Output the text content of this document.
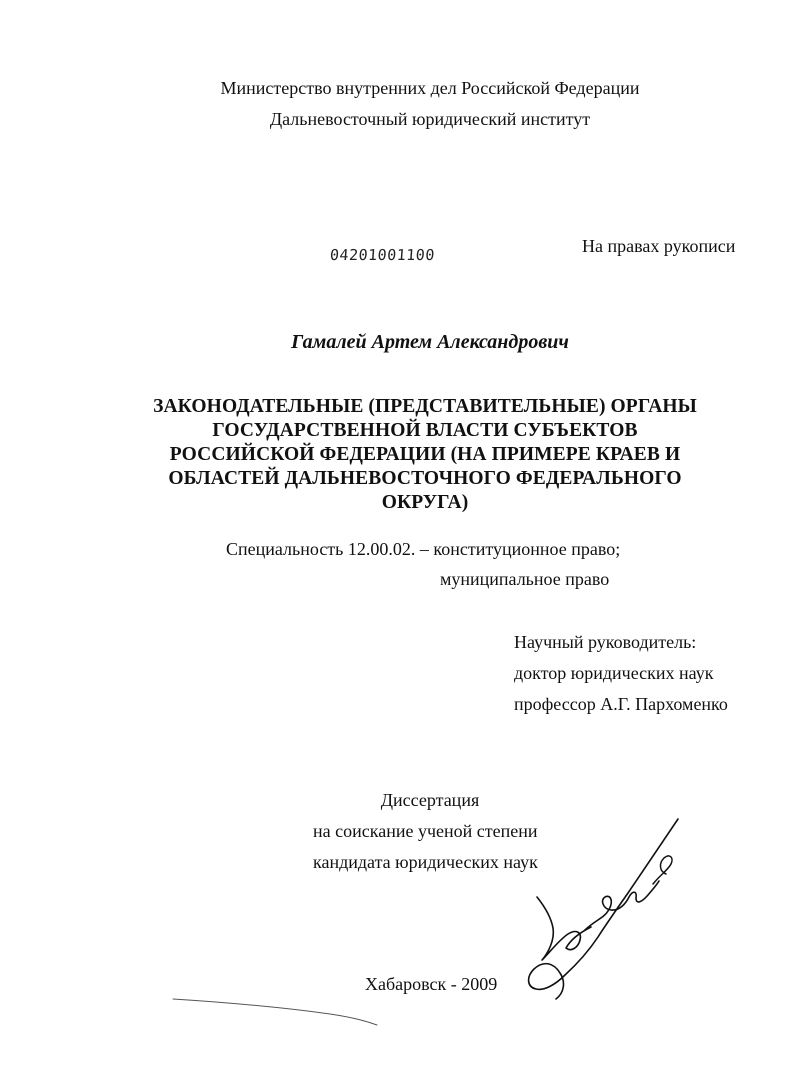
Министерство внутренних дел Российской Федерации
Дальневосточный юридический институт
04201001100	На правах рукописи
Гамалей Артем Александрович
ЗАКОНОДАТЕЛЬНЫЕ (ПРЕДСТАВИТЕЛЬНЫЕ) ОРГАНЫ
ГОСУДАРСТВЕННОЙ ВЛАСТИ СУБЪЕКТОВ
РОССИЙСКОЙ ФЕДЕРАЦИИ (НА ПРИМЕРЕ КРАЕВ И
ОБЛАСТЕЙ ДАЛЬНЕВОСТОЧНОГО ФЕДЕРАЛЬНОГО
ОКРУГА)
Специальность 12.00.02. – конституционное право;
муниципальное право
Научный руководитель:
доктор юридических наук
профессор А.Г. Пархоменко
Диссертация
на соискание ученой степени
кандидата юридических наук
Хабаровск - 2009
